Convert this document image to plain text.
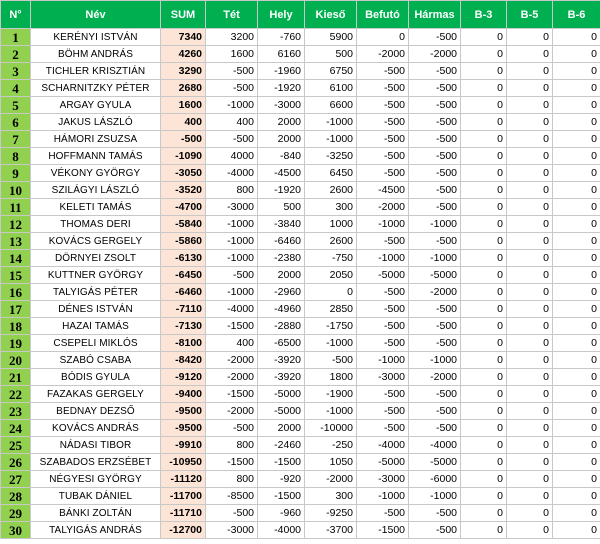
N°	Név	SUM	Tét	Hely	Kieső	Befutó	Hármas	B-3	B-5	B-6
1	KERÉNYI ISTVÁN	7340	3200	-760	5900	0	-500	0	0	0
2	BÖHM ANDRÁS	4260	1600	6160	500	-2000	-2000	0	0	0
3	TICHLER KRISZTIÁN	3290	-500	-1960	6750	-500	-500	0	0	0
4	SCHARNITZKY PÉTER	2680	-500	-1920	6100	-500	-500	0	0	0
5	ARGAY GYULA	1600	-1000	-3000	6600	-500	-500	0	0	0
6	JAKUS LÁSZLÓ	400	400	2000	-1000	-500	-500	0	0	0
7	HÁMORI ZSUZSA	-500	-500	2000	-1000	-500	-500	0	0	0
8	HOFFMANN TAMÁS	-1090	4000	-840	-3250	-500	-500	0	0	0
9	VÉKONY GYÖRGY	-3050	-4000	-4500	6450	-500	-500	0	0	0
10	SZILÁGYI LÁSZLÓ	-3520	800	-1920	2600	-4500	-500	0	0	0
11	KELETI TAMÁS	-4700	-3000	500	300	-2000	-500	0	0	0
12	THOMAS DERI	-5840	-1000	-3840	1000	-1000	-1000	0	0	0
13	KOVÁCS GERGELY	-5860	-1000	-6460	2600	-500	-500	0	0	0
14	DÖRNYEI ZSOLT	-6130	-1000	-2380	-750	-1000	-1000	0	0	0
15	KUTTNER GYÖRGY	-6450	-500	2000	2050	-5000	-5000	0	0	0
16	TALYIGÁS PÉTER	-6460	-1000	-2960	0	-500	-2000	0	0	0
17	DÉNES ISTVÁN	-7110	-4000	-4960	2850	-500	-500	0	0	0
18	HAZAI TAMÁS	-7130	-1500	-2880	-1750	-500	-500	0	0	0
19	CSEPELI MIKLÓS	-8100	400	-6500	-1000	-500	-500	0	0	0
20	SZABÓ CSABA	-8420	-2000	-3920	-500	-1000	-1000	0	0	0
21	BÓDIS GYULA	-9120	-2000	-3920	1800	-3000	-2000	0	0	0
22	FAZAKAS GERGELY	-9400	-1500	-5000	-1900	-500	-500	0	0	0
23	BEDNAY DEZSŐ	-9500	-2000	-5000	-1000	-500	-500	0	0	0
24	KOVÁCS ANDRÁS	-9500	-500	2000	-10000	-500	-500	0	0	0
25	NÁDASI TIBOR	-9910	800	-2460	-250	-4000	-4000	0	0	0
26	SZABADOS ERZSÉBET	-10950	-1500	-1500	1050	-5000	-5000	0	0	0
27	NÉGYESI GYÖRGY	-11120	800	-920	-2000	-3000	-6000	0	0	0
28	TUBAK DÁNIEL	-11700	-8500	-1500	300	-1000	-1000	0	0	0
29	BÁNKI ZOLTÁN	-11710	-500	-960	-9250	-500	-500	0	0	0
30	TALYIGÁS ANDRÁS	-12700	-3000	-4000	-3700	-1500	-500	0	0	0
